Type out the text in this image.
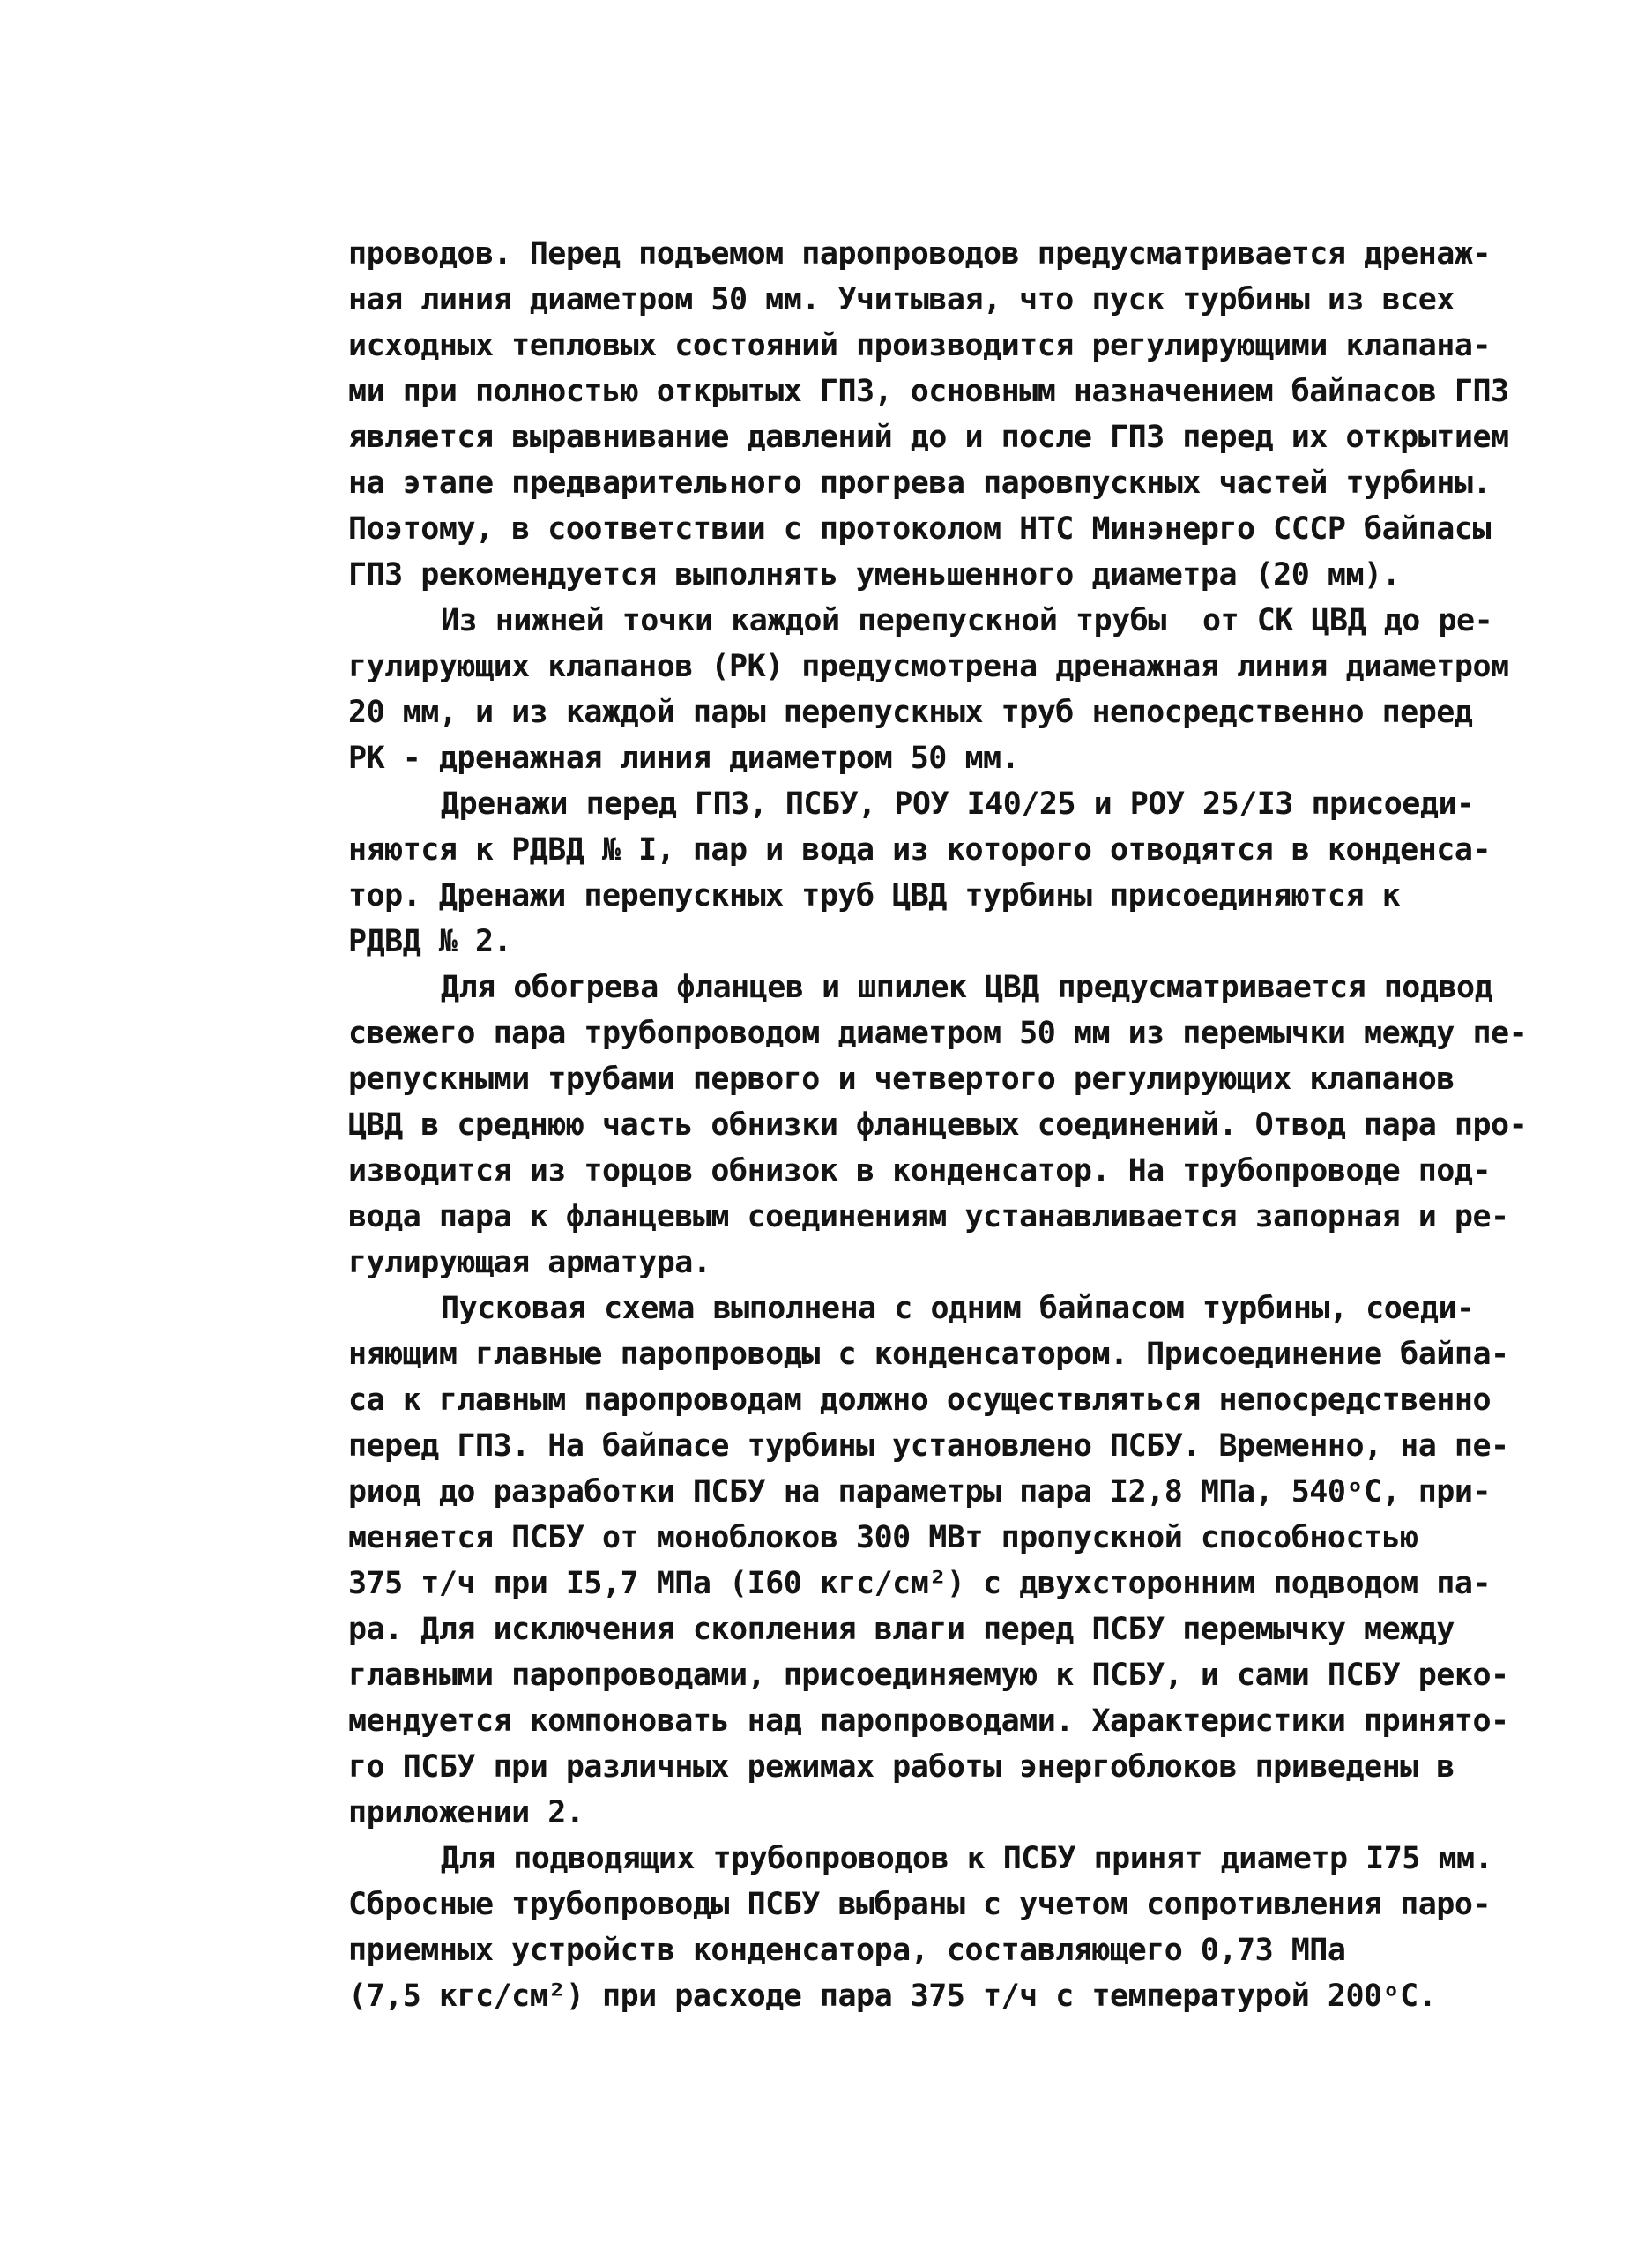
проводов. Перед подъемом паропроводов предусматривается дренаж-
ная линия диаметром 50 мм. Учитывая, что пуск турбины из всех
исходных тепловых состояний производится регулирующими клапана-
ми при полностью открытых ГПЗ, основным назначением байпасов ГПЗ
является выравнивание давлений до и после ГПЗ перед их открытием
на этапе предварительного прогрева паровпускных частей турбины.
Поэтому, в соответствии с протоколом НТС Минэнерго СССР байпасы
ГПЗ рекомендуется выполнять уменьшенного диаметра (20 мм).
Из нижней точки каждой перепускной трубы  от СК ЦВД до ре-
гулирующих клапанов (РК) предусмотрена дренажная линия диаметром
20 мм, и из каждой пары перепускных труб непосредственно перед
РК - дренажная линия диаметром 50 мм.
Дренажи перед ГПЗ, ПСБУ, РОУ I40/25 и РОУ 25/I3 присоеди-
няются к РДВД № I, пар и вода из которого отводятся в конденса-
тор. Дренажи перепускных труб ЦВД турбины присоединяются к
РДВД № 2.
Для обогрева фланцев и шпилек ЦВД предусматривается подвод
свежего пара трубопроводом диаметром 50 мм из перемычки между пе-
репускными трубами первого и четвертого регулирующих клапанов
ЦВД в среднюю часть обнизки фланцевых соединений. Отвод пара про-
изводится из торцов обнизок в конденсатор. На трубопроводе под-
вода пара к фланцевым соединениям устанавливается запорная и ре-
гулирующая арматура.
Пусковая схема выполнена с одним байпасом турбины, соеди-
няющим главные паропроводы с конденсатором. Присоединение байпа-
са к главным паропроводам должно осуществляться непосредственно
перед ГПЗ. На байпасе турбины установлено ПСБУ. Временно, на пе-
риод до разработки ПСБУ на параметры пара I2,8 МПа, 540ᵒС, при-
меняется ПСБУ от моноблоков 300 МВт пропускной способностью
375 т/ч при I5,7 МПа (I60 кгс/см²) с двухсторонним подводом па-
ра. Для исключения скопления влаги перед ПСБУ перемычку между
главными паропроводами, присоединяемую к ПСБУ, и сами ПСБУ реко-
мендуется компоновать над паропроводами. Характеристики принято-
го ПСБУ при различных режимах работы энергоблоков приведены в
приложении 2.
Для подводящих трубопроводов к ПСБУ принят диаметр I75 мм.
Сбросные трубопроводы ПСБУ выбраны с учетом сопротивления паро-
приемных устройств конденсатора, составляющего 0,73 МПа
(7,5 кгс/см²) при расходе пара 375 т/ч с температурой 200ᵒС.
